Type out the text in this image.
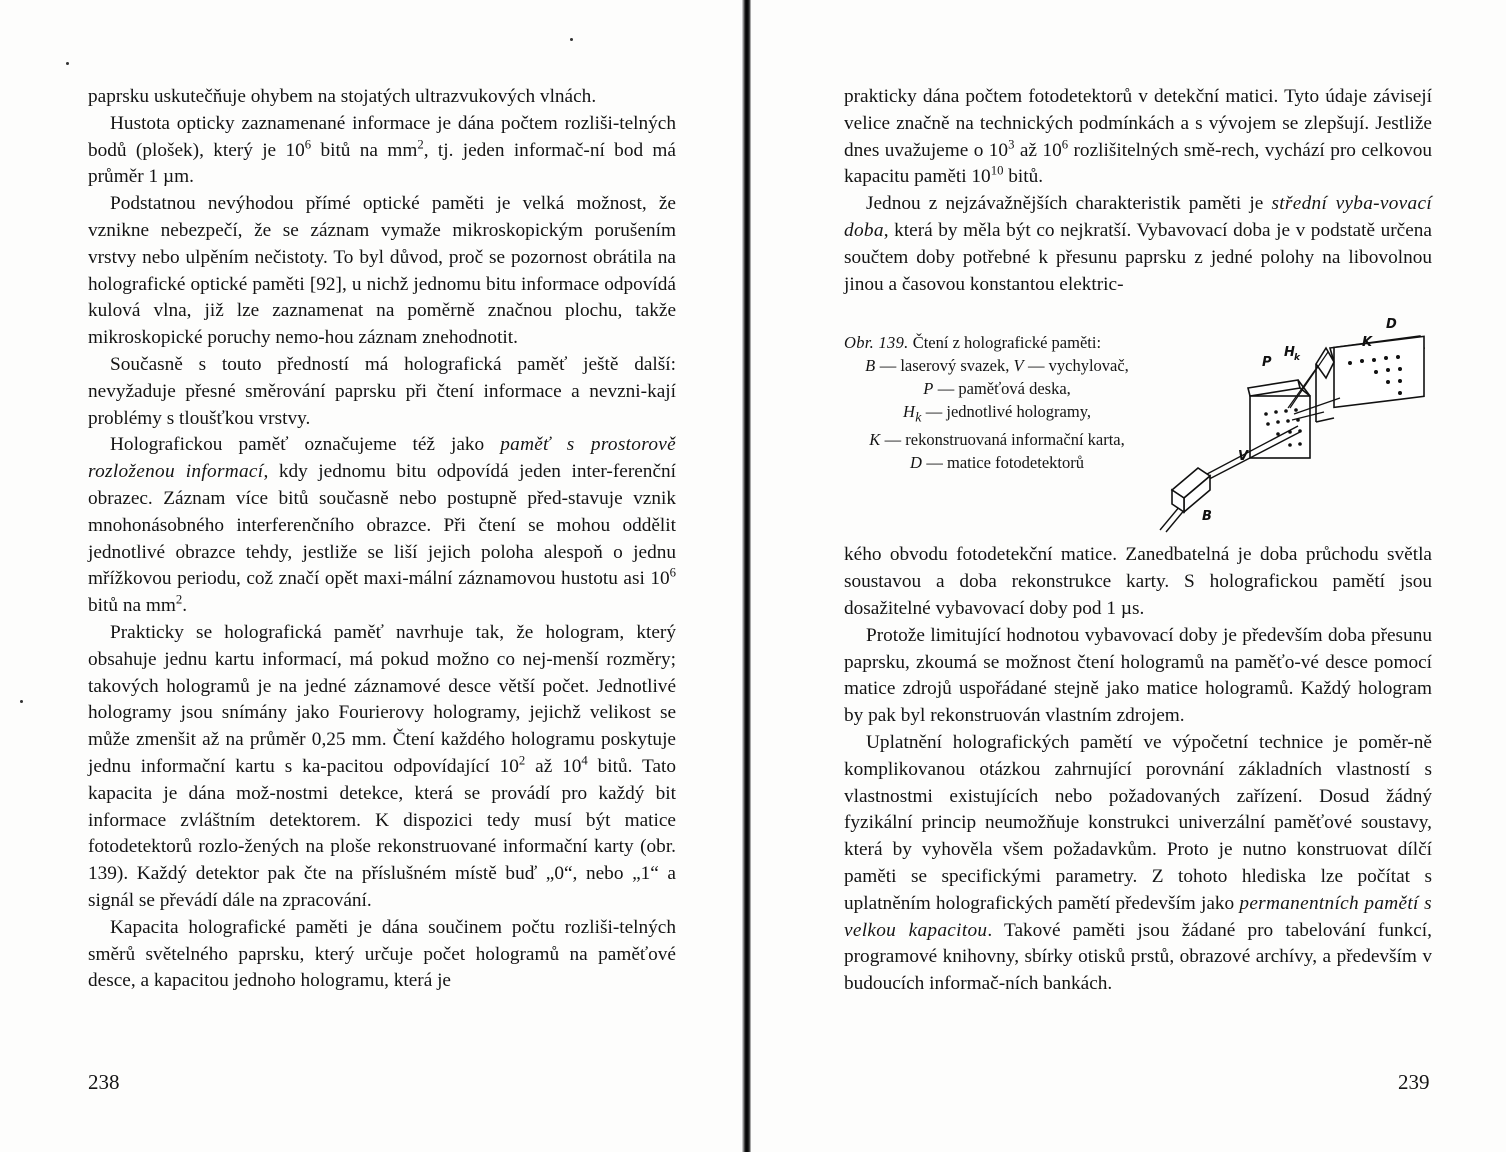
paprsku uskutečňuje ohybem na stojatých ultrazvukových vlnách.

Hustota opticky zaznamenané informace je dána počtem rozliši-telných bodů (plošek), který je $10^6$ bitů na $mm^2$, tj. jeden informač-ní bod má průměr 1 µm.

Podstatnou nevýhodou přímé optické paměti je velká možnost, že vznikne nebezpečí, že se záznam vymaže mikroskopickým porušením vrstvy nebo ulpěním nečistoty. To byl důvod, proč se pozornost obrátila na holografické optické paměti [92], u nichž jednomu bitu informace odpovídá kulová vlna, již lze zaznamenat na poměrně značnou plochu, takže mikroskopické poruchy nemo-hou záznam znehodnotit.

Současně s touto předností má holografická paměť ještě další: nevyžaduje přesné směrování paprsku při čtení informace a nevzni-kají problémy s tloušťkou vrstvy.

Holografickou paměť označujeme též jako paměť s prostorově rozloženou informací, kdy jednomu bitu odpovídá jeden inter-ferenční obrazec. Záznam více bitů současně nebo postupně před-stavuje vznik mnohonásobného interferenčního obrazce. Při čtení se mohou oddělit jednotlivé obrazce tehdy, jestliže se liší jejich poloha alespoň o jednu mřížkovou periodu, což značí opět maxi-mální záznamovou hustotu asi $10^6$ bitů na $mm^2$.

Prakticky se holografická paměť navrhuje tak, že hologram, který obsahuje jednu kartu informací, má pokud možno co nej-menší rozměry; takových hologramů je na jedné záznamové desce větší počet. Jednotlivé hologramy jsou snímány jako Fourierovy hologramy, jejichž velikost se může zmenšit až na průměr 0,25 mm. Čtení každého hologramu poskytuje jednu informační kartu s ka-pacitou odpovídající $10^2$ až $10^4$ bitů. Tato kapacita je dána mož-nostmi detekce, která se provádí pro každý bit informace zvláštním detektorem. K dispozici tedy musí být matice fotodetektorů rozlo-žených na ploše rekonstruované informační karty (obr. 139). Každý detektor pak čte na příslušném místě buď „0“, nebo „1“ a signál se převádí dále na zpracování.

Kapacita holografické paměti je dána součinem počtu rozliši-telných směrů světelného paprsku, který určuje počet hologramů na paměťové desce, a kapacitou jednoho hologramu, která je

238

prakticky dána počtem fotodetektorů v detekční matici. Tyto údaje závisejí velice značně na technických podmínkách a s vývojem se zlepšují. Jestliže dnes uvažujeme o $10^3$ až $10^6$ rozlišitelných smě-rech, vychází pro celkovou kapacitu paměti $10^{10}$ bitů.

Jednou z nejzávažnějších charakteristik paměti je střední vyba-vovací doba, která by měla být co nejkratší. Vybavovací doba je v podstatě určena součtem doby potřebné k přesunu paprsku z jedné polohy na libovolnou jinou a časovou konstantou elektric-

Obr. 139. Čtení z holografické paměti:
B — laserový svazek, V — vychylovač,
P — paměťová deska,
$H_k$ — jednotlivé hologramy,
K — rekonstruovaná informační karta,
D — matice fotodetektorů
D
K
P
H k
V
B

kého obvodu fotodetekční matice. Zanedbatelná je doba průchodu světla soustavou a doba rekonstrukce karty. S holografickou pamětí jsou dosažitelné vybavovací doby pod 1 µs.

Protože limitující hodnotou vybavovací doby je především doba přesunu paprsku, zkoumá se možnost čtení hologramů na paměťo-vé desce pomocí matice zdrojů uspořádané stejně jako matice hologramů. Každý hologram by pak byl rekonstruován vlastním zdrojem.

Uplatnění holografických pamětí ve výpočetní technice je poměr-ně komplikovanou otázkou zahrnující porovnání základních vlastností s vlastnostmi existujících nebo požadovaných zařízení. Dosud žádný fyzikální princip neumožňuje konstrukci univerzální paměťové soustavy, která by vyhověla všem požadavkům. Proto je nutno konstruovat dílčí paměti se specifickými parametry. Z tohoto hlediska lze počítat s uplatněním holografických pamětí především jako permanentních pamětí s velkou kapacitou. Takové paměti jsou žádané pro tabelování funkcí, programové knihovny, sbírky otisků prstů, obrazové archívy, a především v budoucích informač-ních bankách.

239
